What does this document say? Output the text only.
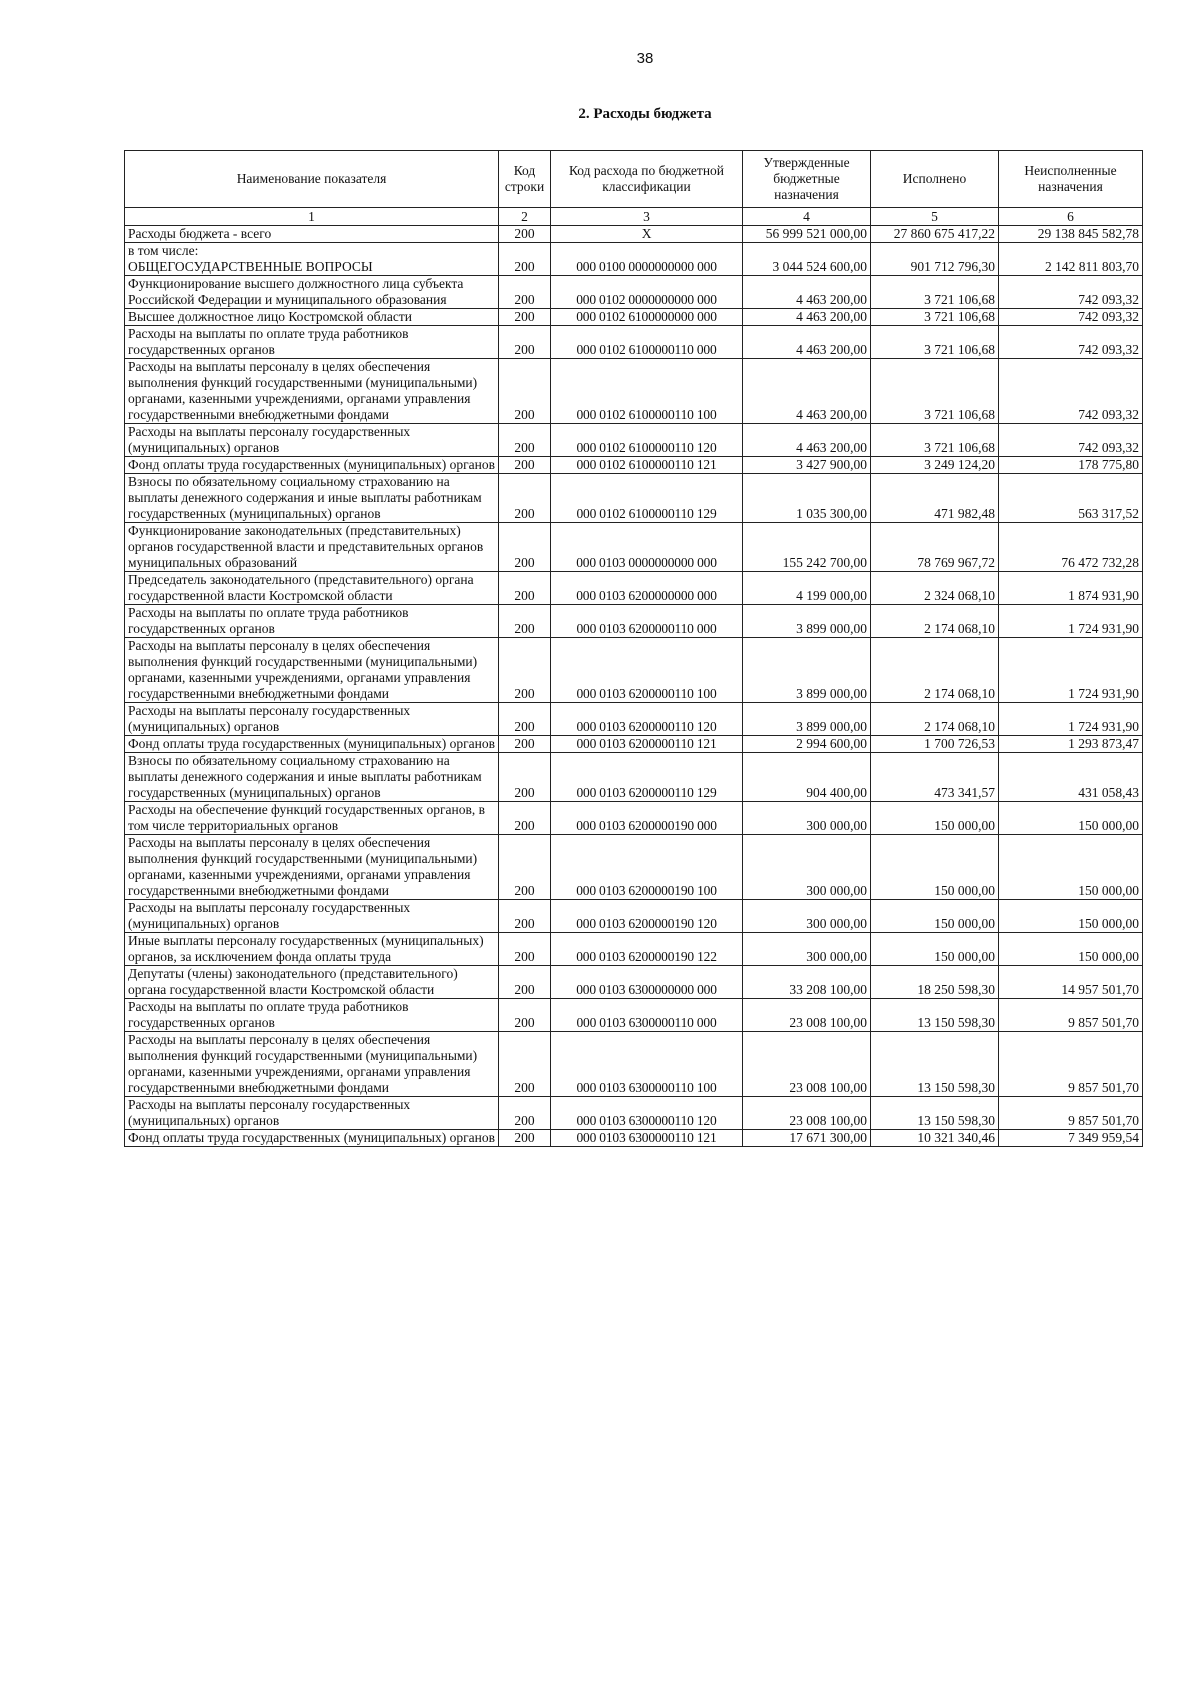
38
2. Расходы бюджета
Наименование показателя	Код строки	Код расхода по бюджетной классификации	Утвержденные бюджетные назначения	Исполнено	Неисполненные назначения
1	2	3	4	5	6
Расходы бюджета - всего	200	X	56 999 521 000,00	27 860 675 417,22	29 138 845 582,78
в том числе:
ОБЩЕГОСУДАРСТВЕННЫЕ ВОПРОСЫ	200	000 0100 0000000000 000	3 044 524 600,00	901 712 796,30	2 142 811 803,70
Функционирование высшего должностного лица субъекта Российской Федерации и муниципального образования	200	000 0102 0000000000 000	4 463 200,00	3 721 106,68	742 093,32
Высшее должностное лицо Костромской области	200	000 0102 6100000000 000	4 463 200,00	3 721 106,68	742 093,32
Расходы на выплаты по оплате труда работников государственных органов	200	000 0102 6100000110 000	4 463 200,00	3 721 106,68	742 093,32
Расходы на выплаты персоналу в целях обеспечения выполнения функций государственными (муниципальными) органами, казенными учреждениями, органами управления государственными внебюджетными фондами	200	000 0102 6100000110 100	4 463 200,00	3 721 106,68	742 093,32
Расходы на выплаты персоналу государственных (муниципальных) органов	200	000 0102 6100000110 120	4 463 200,00	3 721 106,68	742 093,32
Фонд оплаты труда государственных (муниципальных) органов	200	000 0102 6100000110 121	3 427 900,00	3 249 124,20	178 775,80
Взносы по обязательному социальному страхованию на выплаты денежного содержания и иные выплаты работникам государственных (муниципальных) органов	200	000 0102 6100000110 129	1 035 300,00	471 982,48	563 317,52
Функционирование законодательных (представительных) органов государственной власти и представительных органов муниципальных образований	200	000 0103 0000000000 000	155 242 700,00	78 769 967,72	76 472 732,28
Председатель законодательного (представительного) органа государственной власти Костромской области	200	000 0103 6200000000 000	4 199 000,00	2 324 068,10	1 874 931,90
Расходы на выплаты по оплате труда работников государственных органов	200	000 0103 6200000110 000	3 899 000,00	2 174 068,10	1 724 931,90
Расходы на выплаты персоналу в целях обеспечения выполнения функций государственными (муниципальными) органами, казенными учреждениями, органами управления государственными внебюджетными фондами	200	000 0103 6200000110 100	3 899 000,00	2 174 068,10	1 724 931,90
Расходы на выплаты персоналу государственных (муниципальных) органов	200	000 0103 6200000110 120	3 899 000,00	2 174 068,10	1 724 931,90
Фонд оплаты труда государственных (муниципальных) органов	200	000 0103 6200000110 121	2 994 600,00	1 700 726,53	1 293 873,47
Взносы по обязательному социальному страхованию на выплаты денежного содержания и иные выплаты работникам государственных (муниципальных) органов	200	000 0103 6200000110 129	904 400,00	473 341,57	431 058,43
Расходы на обеспечение функций государственных органов, в том числе территориальных органов	200	000 0103 6200000190 000	300 000,00	150 000,00	150 000,00
Расходы на выплаты персоналу в целях обеспечения выполнения функций государственными (муниципальными) органами, казенными учреждениями, органами управления государственными внебюджетными фондами	200	000 0103 6200000190 100	300 000,00	150 000,00	150 000,00
Расходы на выплаты персоналу государственных (муниципальных) органов	200	000 0103 6200000190 120	300 000,00	150 000,00	150 000,00
Иные выплаты персоналу государственных (муниципальных) органов, за исключением фонда оплаты труда	200	000 0103 6200000190 122	300 000,00	150 000,00	150 000,00
Депутаты (члены) законодательного (представительного) органа государственной власти Костромской области	200	000 0103 6300000000 000	33 208 100,00	18 250 598,30	14 957 501,70
Расходы на выплаты по оплате труда работников государственных органов	200	000 0103 6300000110 000	23 008 100,00	13 150 598,30	9 857 501,70
Расходы на выплаты персоналу в целях обеспечения выполнения функций государственными (муниципальными) органами, казенными учреждениями, органами управления государственными внебюджетными фондами	200	000 0103 6300000110 100	23 008 100,00	13 150 598,30	9 857 501,70
Расходы на выплаты персоналу государственных (муниципальных) органов	200	000 0103 6300000110 120	23 008 100,00	13 150 598,30	9 857 501,70
Фонд оплаты труда государственных (муниципальных) органов	200	000 0103 6300000110 121	17 671 300,00	10 321 340,46	7 349 959,54
